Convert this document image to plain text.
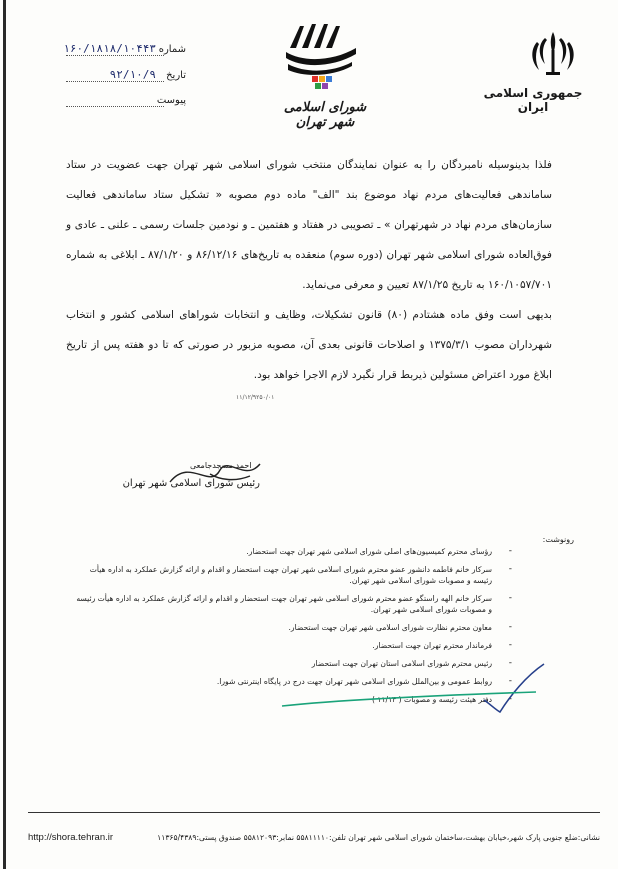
جمهوری اسلامی ایران
شورای اسلامی شهر تهران
شماره
۱۶۰/۱۸۱۸/۱۰۴۴۳
تاریخ
۹۲/۱۰/۹
پیوست

فلذا بدینوسیله نامبردگان را به عنوان نمایندگان منتخب شورای اسلامی شهر تهران جهت عضویت در ستاد ساماندهی فعالیت‌های مردم نهاد موضوع بند "الف" ماده دوم مصوبه « تشکیل ستاد ساماندهی فعالیت سازمان‌های مردم نهاد در شهرتهران » ـ تصویبی در هفتاد و هفتمین ـ و نودمین جلسات رسمی ـ علنی ـ عادی و فوق‌العاده شورای اسلامی شهر تهران (دوره سوم) منعقده به تاریخ‌های ۸۶/۱۲/۱۶ و ۸۷/۱/۲۰ ـ ابلاغی به شماره ۱۶۰/۱۰۵۷/۷۰۱ به تاریخ ۸۷/۱/۲۵ تعیین و معرفی می‌نماید.

بدیهی است وفق ماده هشتادم (۸۰) قانون تشکیلات، وظایف و انتخابات شوراهای اسلامی کشور و انتخاب شهرداران مصوب ۱۳۷۵/۳/۱ و اصلاحات قانونی بعدی آن، مصوبه مزبور در صورتی که تا دو هفته پس از تاریخ ابلاغ مورد اعتراض مسئولین ذیربط قرار نگیرد لازم الاجرا خواهد بود.

۱۱/۱۲/۹۲۵۰/۰۱
احمد مسجدجامعی
رئیس شورای اسلامی شهر تهران
رونوشت:
- رؤسای محترم کمیسیون‌های اصلی شورای اسلامی شهر تهران جهت استحضار.
- سرکار خانم فاطمه دانشور عضو محترم شورای اسلامی شهر تهران جهت استحضار و اقدام و ارائه گزارش عملکرد به اداره هیأت رئیسه و مصوبات شورای اسلامی شهر تهران.
- سرکار خانم الهه راستگو عضو محترم شورای اسلامی شهر تهران جهت استحضار و اقدام و ارائه گزارش عملکرد به اداره هیأت رئیسه و مصوبات شورای اسلامی شهر تهران.
- معاون محترم نظارت شورای اسلامی شهر تهران جهت استحضار.
- فرماندار محترم تهران جهت استحضار.
- رئیس محترم شورای اسلامی استان تهران جهت استحضار
- روابط عمومی و بین‌الملل شورای اسلامی شهر تهران جهت درج در پایگاه اینترنتی شورا.
- دفتر هیئت رئیسه و مصوبات ( ۱۱/۱۴ )
http://shora.tehran.ir	نشانی:ضلع جنوبی پارک شهر،خیابان بهشت،ساختمان شورای اسلامی شهر تهران تلفن:۵۵۸۱۱۱۱۰ نمابر:۵۵۸۱۲۰۹۳ صندوق پستی:۱۱۳۶۵/۴۳۸۹
